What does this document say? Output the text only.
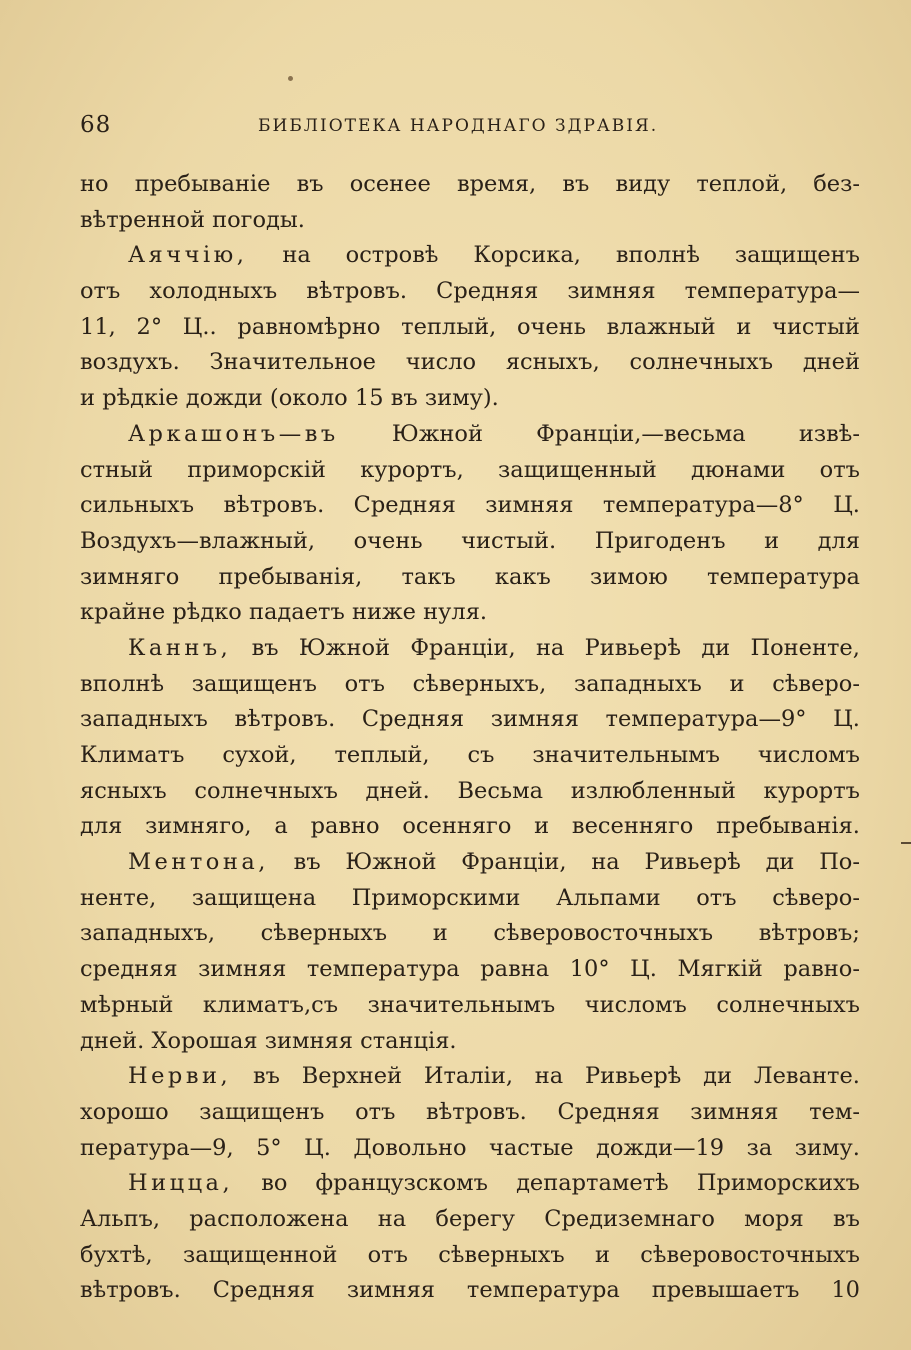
68	БИБЛІОТЕКА НАРОДНАГО ЗДРАВІЯ.
но пребываніе въ осенее время, въ виду теплой, без-
вѣтренной погоды.
Аяччію, на островѣ Корсика, вполнѣ защищенъ
отъ холодныхъ вѣтровъ. Средняя зимняя температура—
11, 2° Ц.. равномѣрно теплый, очень влажный и чистый
воздухъ. Значительное число ясныхъ, солнечныхъ дней
и рѣдкіе дожди (около 15 въ зиму).
Аркашонъ—въ Южной Франціи,—весьма извѣ-
стный приморскій курортъ, защищенный дюнами отъ
сильныхъ вѣтровъ. Средняя зимняя температура—8° Ц.
Воздухъ—влажный, очень чистый. Пригоденъ и для
зимняго пребыванія, такъ какъ зимою температура
крайне рѣдко падаетъ ниже нуля.
Каннъ, въ Южной Франціи, на Ривьерѣ ди Поненте,
вполнѣ защищенъ отъ сѣверныхъ, западныхъ и сѣверо-
западныхъ вѣтровъ. Средняя зимняя температура—9° Ц.
Климатъ сухой, теплый, съ значительнымъ числомъ
ясныхъ солнечныхъ дней. Весьма излюбленный курортъ
для зимняго, а равно осенняго и весенняго пребыванія.
Ментона, въ Южной Франціи, на Ривьерѣ ди По-
ненте, защищена Приморскими Альпами отъ сѣверо-
западныхъ, сѣверныхъ и сѣверовосточныхъ вѣтровъ;
средняя зимняя температура равна 10° Ц. Мягкій равно-
мѣрный климатъ,съ значительнымъ числомъ солнечныхъ
дней. Хорошая зимняя станція.
Нерви, въ Верхней Италіи, на Ривьерѣ ди Леванте.
хорошо защищенъ отъ вѣтровъ. Средняя зимняя тем-
пература—9, 5° Ц. Довольно частые дожди—19 за зиму.
Ницца, во французскомъ департаметѣ Приморскихъ
Альпъ, расположена на берегу Средиземнаго моря въ
бухтѣ, защищенной отъ сѣверныхъ и сѣверовосточныхъ
вѣтровъ. Средняя зимняя температура превышаетъ 10
